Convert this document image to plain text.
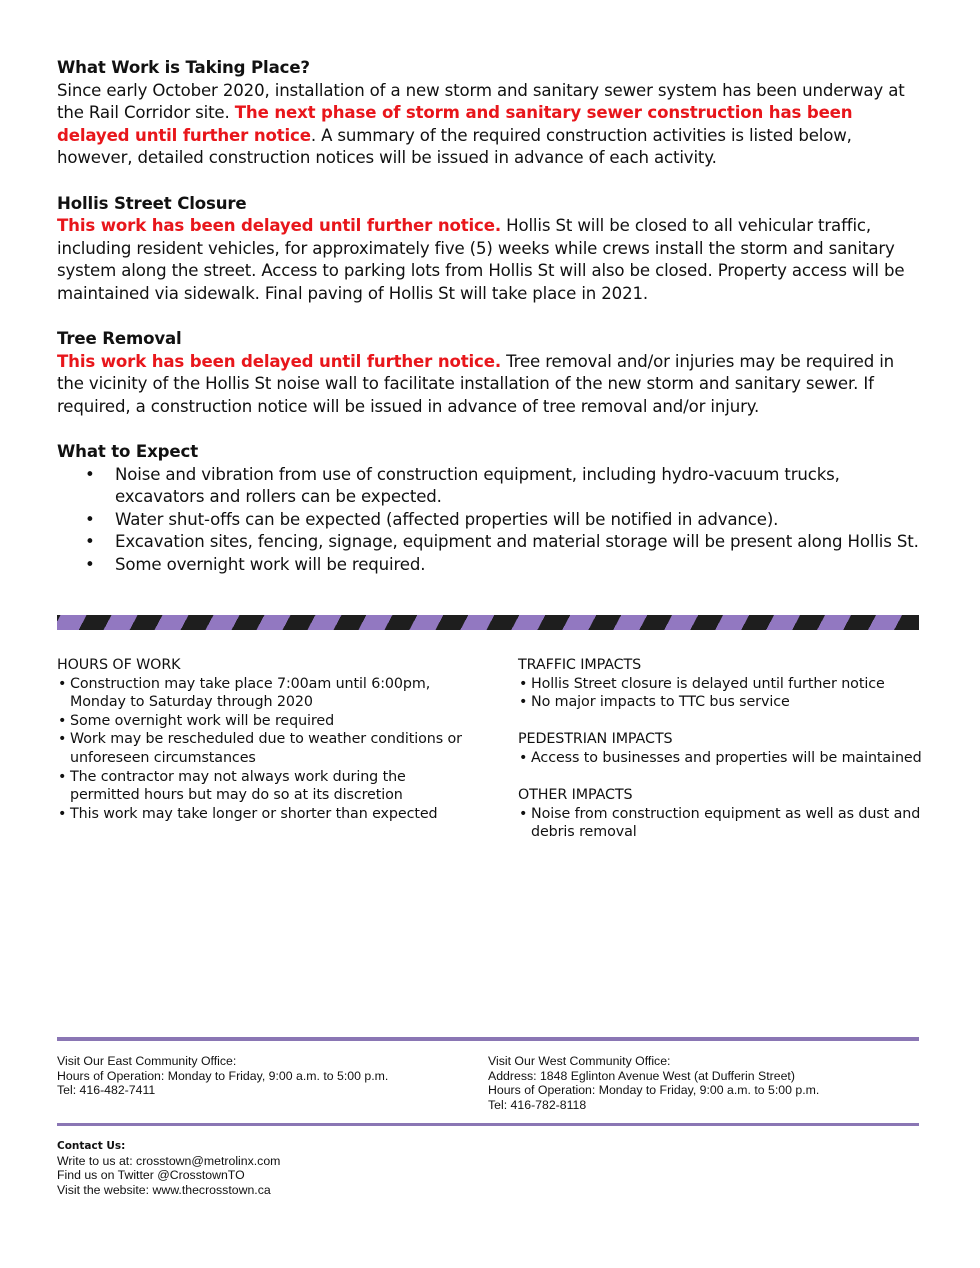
What Work is Taking Place?
Since early October 2020, installation of a new storm and sanitary sewer system has been underway at the Rail Corridor site. The next phase of storm and sanitary sewer construction has been delayed until further notice. A summary of the required construction activities is listed below, however, detailed construction notices will be issued in advance of each activity.
Hollis Street Closure
This work has been delayed until further notice. Hollis St will be closed to all vehicular traffic, including resident vehicles, for approximately five (5) weeks while crews install the storm and sanitary system along the street. Access to parking lots from Hollis St will also be closed. Property access will be maintained via sidewalk. Final paving of Hollis St will take place in 2021.
Tree Removal
This work has been delayed until further notice. Tree removal and/or injuries may be required in the vicinity of the Hollis St noise wall to facilitate installation of the new storm and sanitary sewer. If required, a construction notice will be issued in advance of tree removal and/or injury.
What to Expect
• Noise and vibration from use of construction equipment, including hydro-vacuum trucks, excavators and rollers can be expected.
• Water shut-offs can be expected (affected properties will be notified in advance).
• Excavation sites, fencing, signage, equipment and material storage will be present along Hollis St.
• Some overnight work will be required.
HOURS OF WORK
• Construction may take place 7:00am until 6:00pm, Monday to Saturday through 2020
• Some overnight work will be required
• Work may be rescheduled due to weather conditions or unforeseen circumstances
• The contractor may not always work during the permitted hours but may do so at its discretion
• This work may take longer or shorter than expected
TRAFFIC IMPACTS
• Hollis Street closure is delayed until further notice
• No major impacts to TTC bus service
PEDESTRIAN IMPACTS
• Access to businesses and properties will be maintained
OTHER IMPACTS
• Noise from construction equipment as well as dust and debris removal
Visit Our East Community Office:
Hours of Operation: Monday to Friday, 9:00 a.m. to 5:00 p.m.
Tel: 416-482-7411
Visit Our West Community Office:
Address: 1848 Eglinton Avenue West (at Dufferin Street)
Hours of Operation: Monday to Friday, 9:00 a.m. to 5:00 p.m.
Tel: 416-782-8118
Contact Us:
Write to us at: crosstown@metrolinx.com
Find us on Twitter @CrosstownTO
Visit the website: www.thecrosstown.ca
